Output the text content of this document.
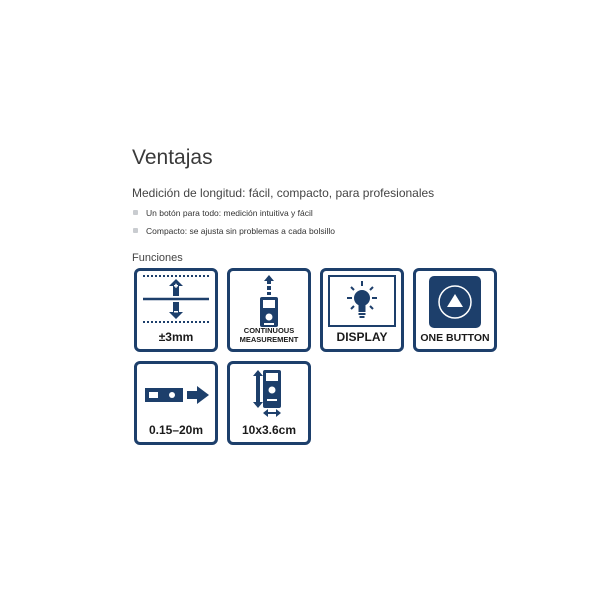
Ventajas
Medición de longitud: fácil, compacto, para profesionales
Un botón para todo: medición intuitiva y fácil
Compacto: se ajusta sin problemas a cada bolsillo
Funciones
±3mm	CONTINUOUS
MEASUREMENT	DISPLAY	ONE BUTTON
0.15–20m	10x3.6cm
